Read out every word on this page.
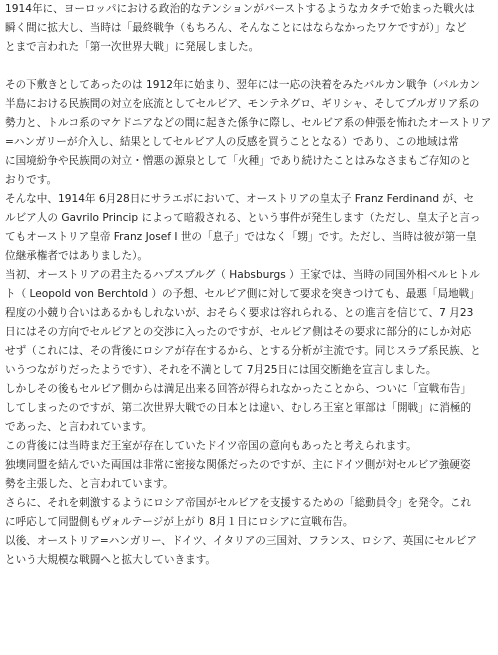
1914年に、ヨーロッパにおける政治的なテンションがバーストするようなカタチで始まった戦火は
瞬く間に拡大し、当時は「最終戦争（もちろん、そんなことにはならなかったワケですが）」など
とまで言われた「第一次世界大戦」に発展しました。
その下敷きとしてあったのは 1912年に始まり、翌年には一応の決着をみたバルカン戦争（バルカン
半島における民族間の対立を底流としてセルビア、モンテネグロ、ギリシャ、そしてブルガリア系の
勢力と、トルコ系のマケドニアなどの間に起きた係争に際し、セルビア系の伸張を怖れたオーストリア
=ハンガリーが介入し、結果としてセルビア人の反感を買うこととなる）であり、この地域は常
に国境紛争や民族間の対立・憎悪の源泉として「火種」であり続けたことはみなさまもご存知のと
おりです。
そんな中、1914年 6月28日にサラエボにおいて、オーストリアの皇太子 Franz Ferdinand が、セ
ルビア人の Gavrilo Princip によって暗殺される、という事件が発生します（ただし、皇太子と言っ
てもオーストリア皇帝 Franz Josef I 世の「息子」ではなく「甥」です。ただし、当時は彼が第一皇
位継承権者ではありました）。
当初、オーストリアの君主たるハプスブルグ（ Habsburgs ）王家では、当時の同国外相ベルヒトル
ト（ Leopold von Berchtold ）の予想、セルビア側に対して要求を突きつけても、最悪「局地戦」
程度の小競り合いはあるかもしれないが、おそらく要求は容れられる、との進言を信じて、7 月23
日にはその方向でセルビアとの交渉に入ったのですが、セルビア側はその要求に部分的にしか対応
せず（これには、その背後にロシアが存在するから、とする分析が主流です。同じスラブ系民族、と
いうつながりだったようです）、それを不満として 7月25日には国交断絶を宣言しました。
しかしその後もセルビア側からは満足出来る回答が得られなかったことから、ついに「宣戦布告」
してしまったのですが、第二次世界大戦での日本とは違い、むしろ王室と軍部は「開戦」に消極的
であった、と言われています。
この背後には当時まだ王室が存在していたドイツ帝国の意向もあったと考えられます。
独墺同盟を結んでいた両国は非常に密接な関係だったのですが、主にドイツ側が対セルビア強硬姿
勢を主張した、と言われています。
さらに、それを刺激するようにロシア帝国がセルビアを支援するための「総動員令」を発令。これ
に呼応して同盟側もヴォルテージが上がり 8月１日にロシアに宣戦布告。
以後、オーストリア=ハンガリー、ドイツ、イタリアの三国対、フランス、ロシア、英国にセルビア
という大規模な戦闘へと拡大していきます。
